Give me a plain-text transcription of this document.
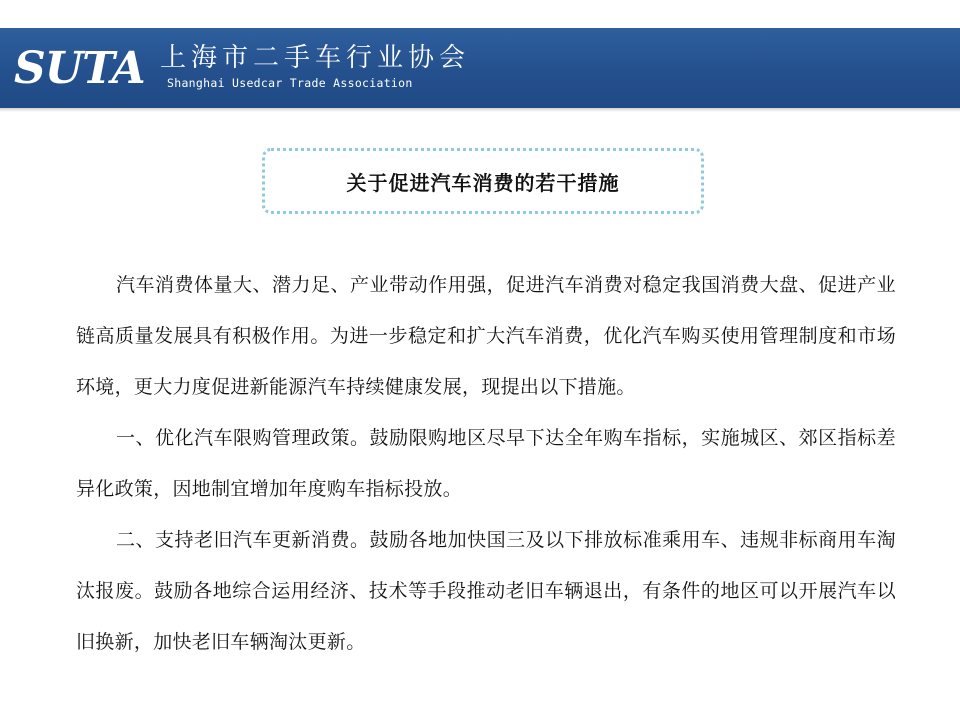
SUTA 上海市二手车行业协会
Shanghai Usedcar Trade Association
关于促进汽车消费的若干措施

汽车消费体量大、潜力足、产业带动作用强，促进汽车消费对稳定我国消费大盘、促进产业链高质量发展具有积极作用。为进一步稳定和扩大汽车消费，优化汽车购买使用管理制度和市场环境，更大力度促进新能源汽车持续健康发展，现提出以下措施。

一、优化汽车限购管理政策。鼓励限购地区尽早下达全年购车指标，实施城区、郊区指标差异化政策，因地制宜增加年度购车指标投放。

二、支持老旧汽车更新消费。鼓励各地加快国三及以下排放标准乘用车、违规非标商用车淘汰报废。鼓励各地综合运用经济、技术等手段推动老旧车辆退出，有条件的地区可以开展汽车以旧换新，加快老旧车辆淘汰更新。
